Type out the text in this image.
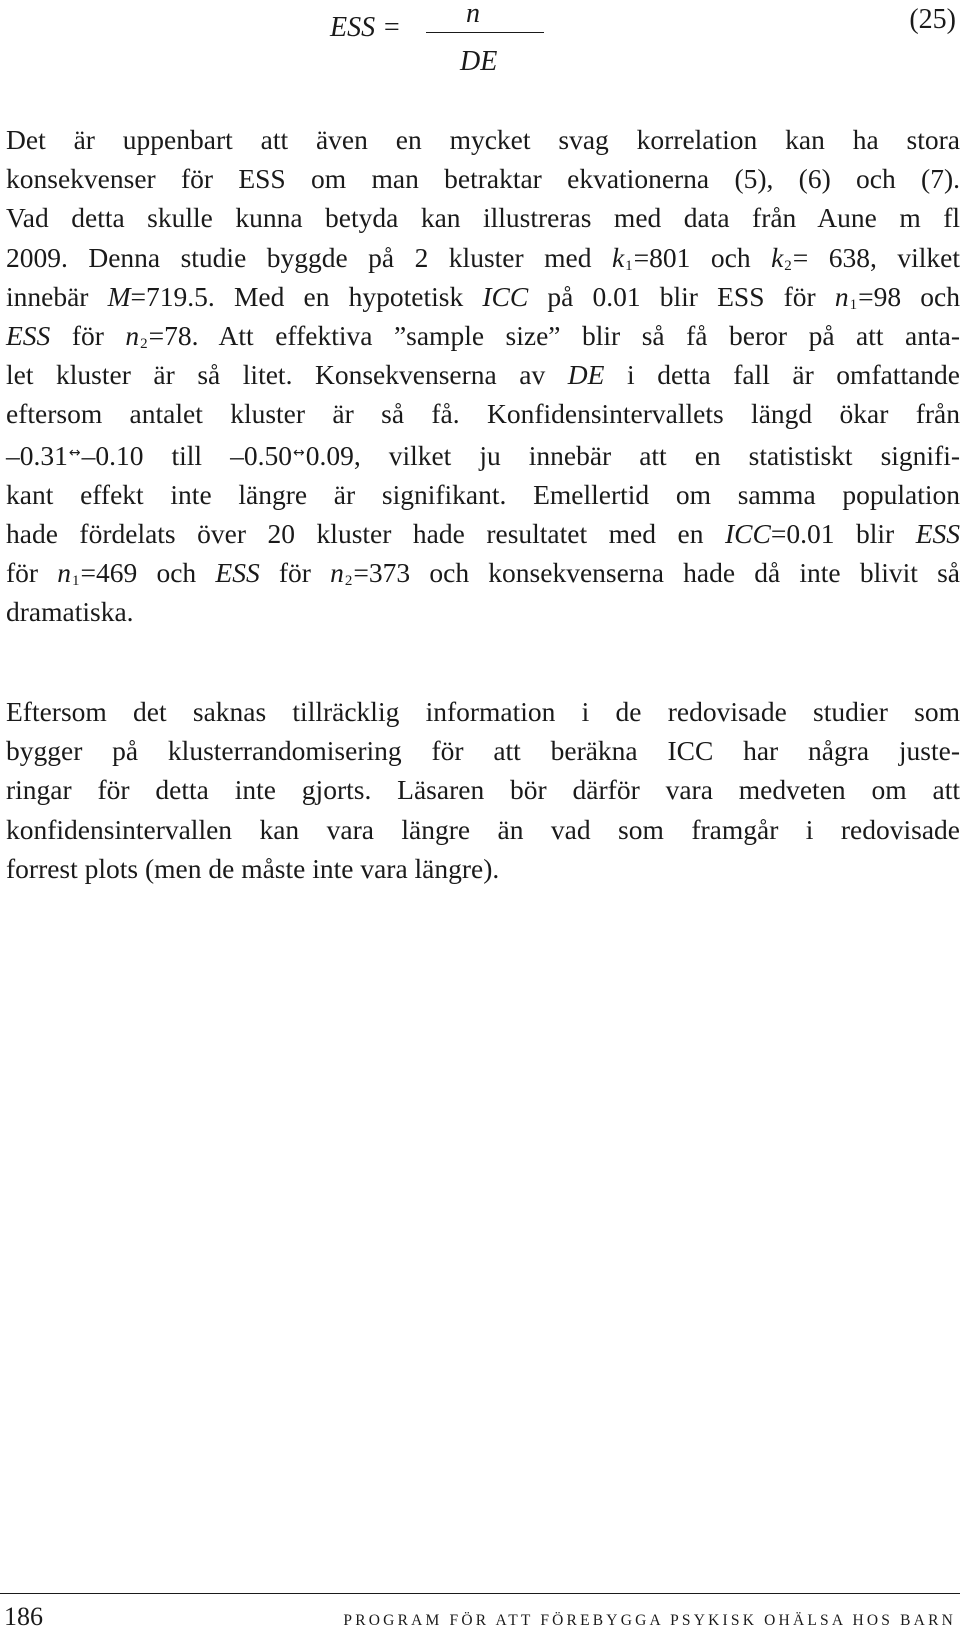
ESS = n
DE
(25)
Det är uppenbart att även en mycket svag korrelation kan ha stora
konsekvenser för ESS om man betraktar ekvationerna (5), (6) och (7).
Vad detta skulle kunna betyda kan illustreras med data från Aune m fl
2009. Denna studie byggde på 2 kluster med $k_1=801$ och $k_2= 638$, vilket
innebär M=719.5. Med en hypotetisk ICC på 0.01 blir ESS för $n_1=98$ och
ESS för $n_2=78$. Att effektiva ”sample size” blir så få beror på att anta-
let kluster är så litet. Konsekvenserna av DE i detta fall är omfattande
eftersom antalet kluster är så få. Konfidensintervallets längd ökar från
–0.31↔–0.10 till –0.50↔0.09, vilket ju innebär att en statistiskt signifi-
kant effekt inte längre är signifikant. Emellertid om samma population
hade fördelats över 20 kluster hade resultatet med en ICC=0.01 blir ESS
för $n_1=469$ och ESS för $n_2=373$ och konsekvenserna hade då inte blivit så
dramatiska.
Eftersom det saknas tillräcklig information i de redovisade studier som
bygger på klusterrandomisering för att beräkna ICC har några juste-
ringar för detta inte gjorts. Läsaren bör därför vara medveten om att
konfidensintervallen kan vara längre än vad som framgår i redovisade
forrest plots (men de måste inte vara längre).
186	PROGRAM FÖR ATT FÖREBYGGA PSYKISK OHÄLSA HOS BARN
